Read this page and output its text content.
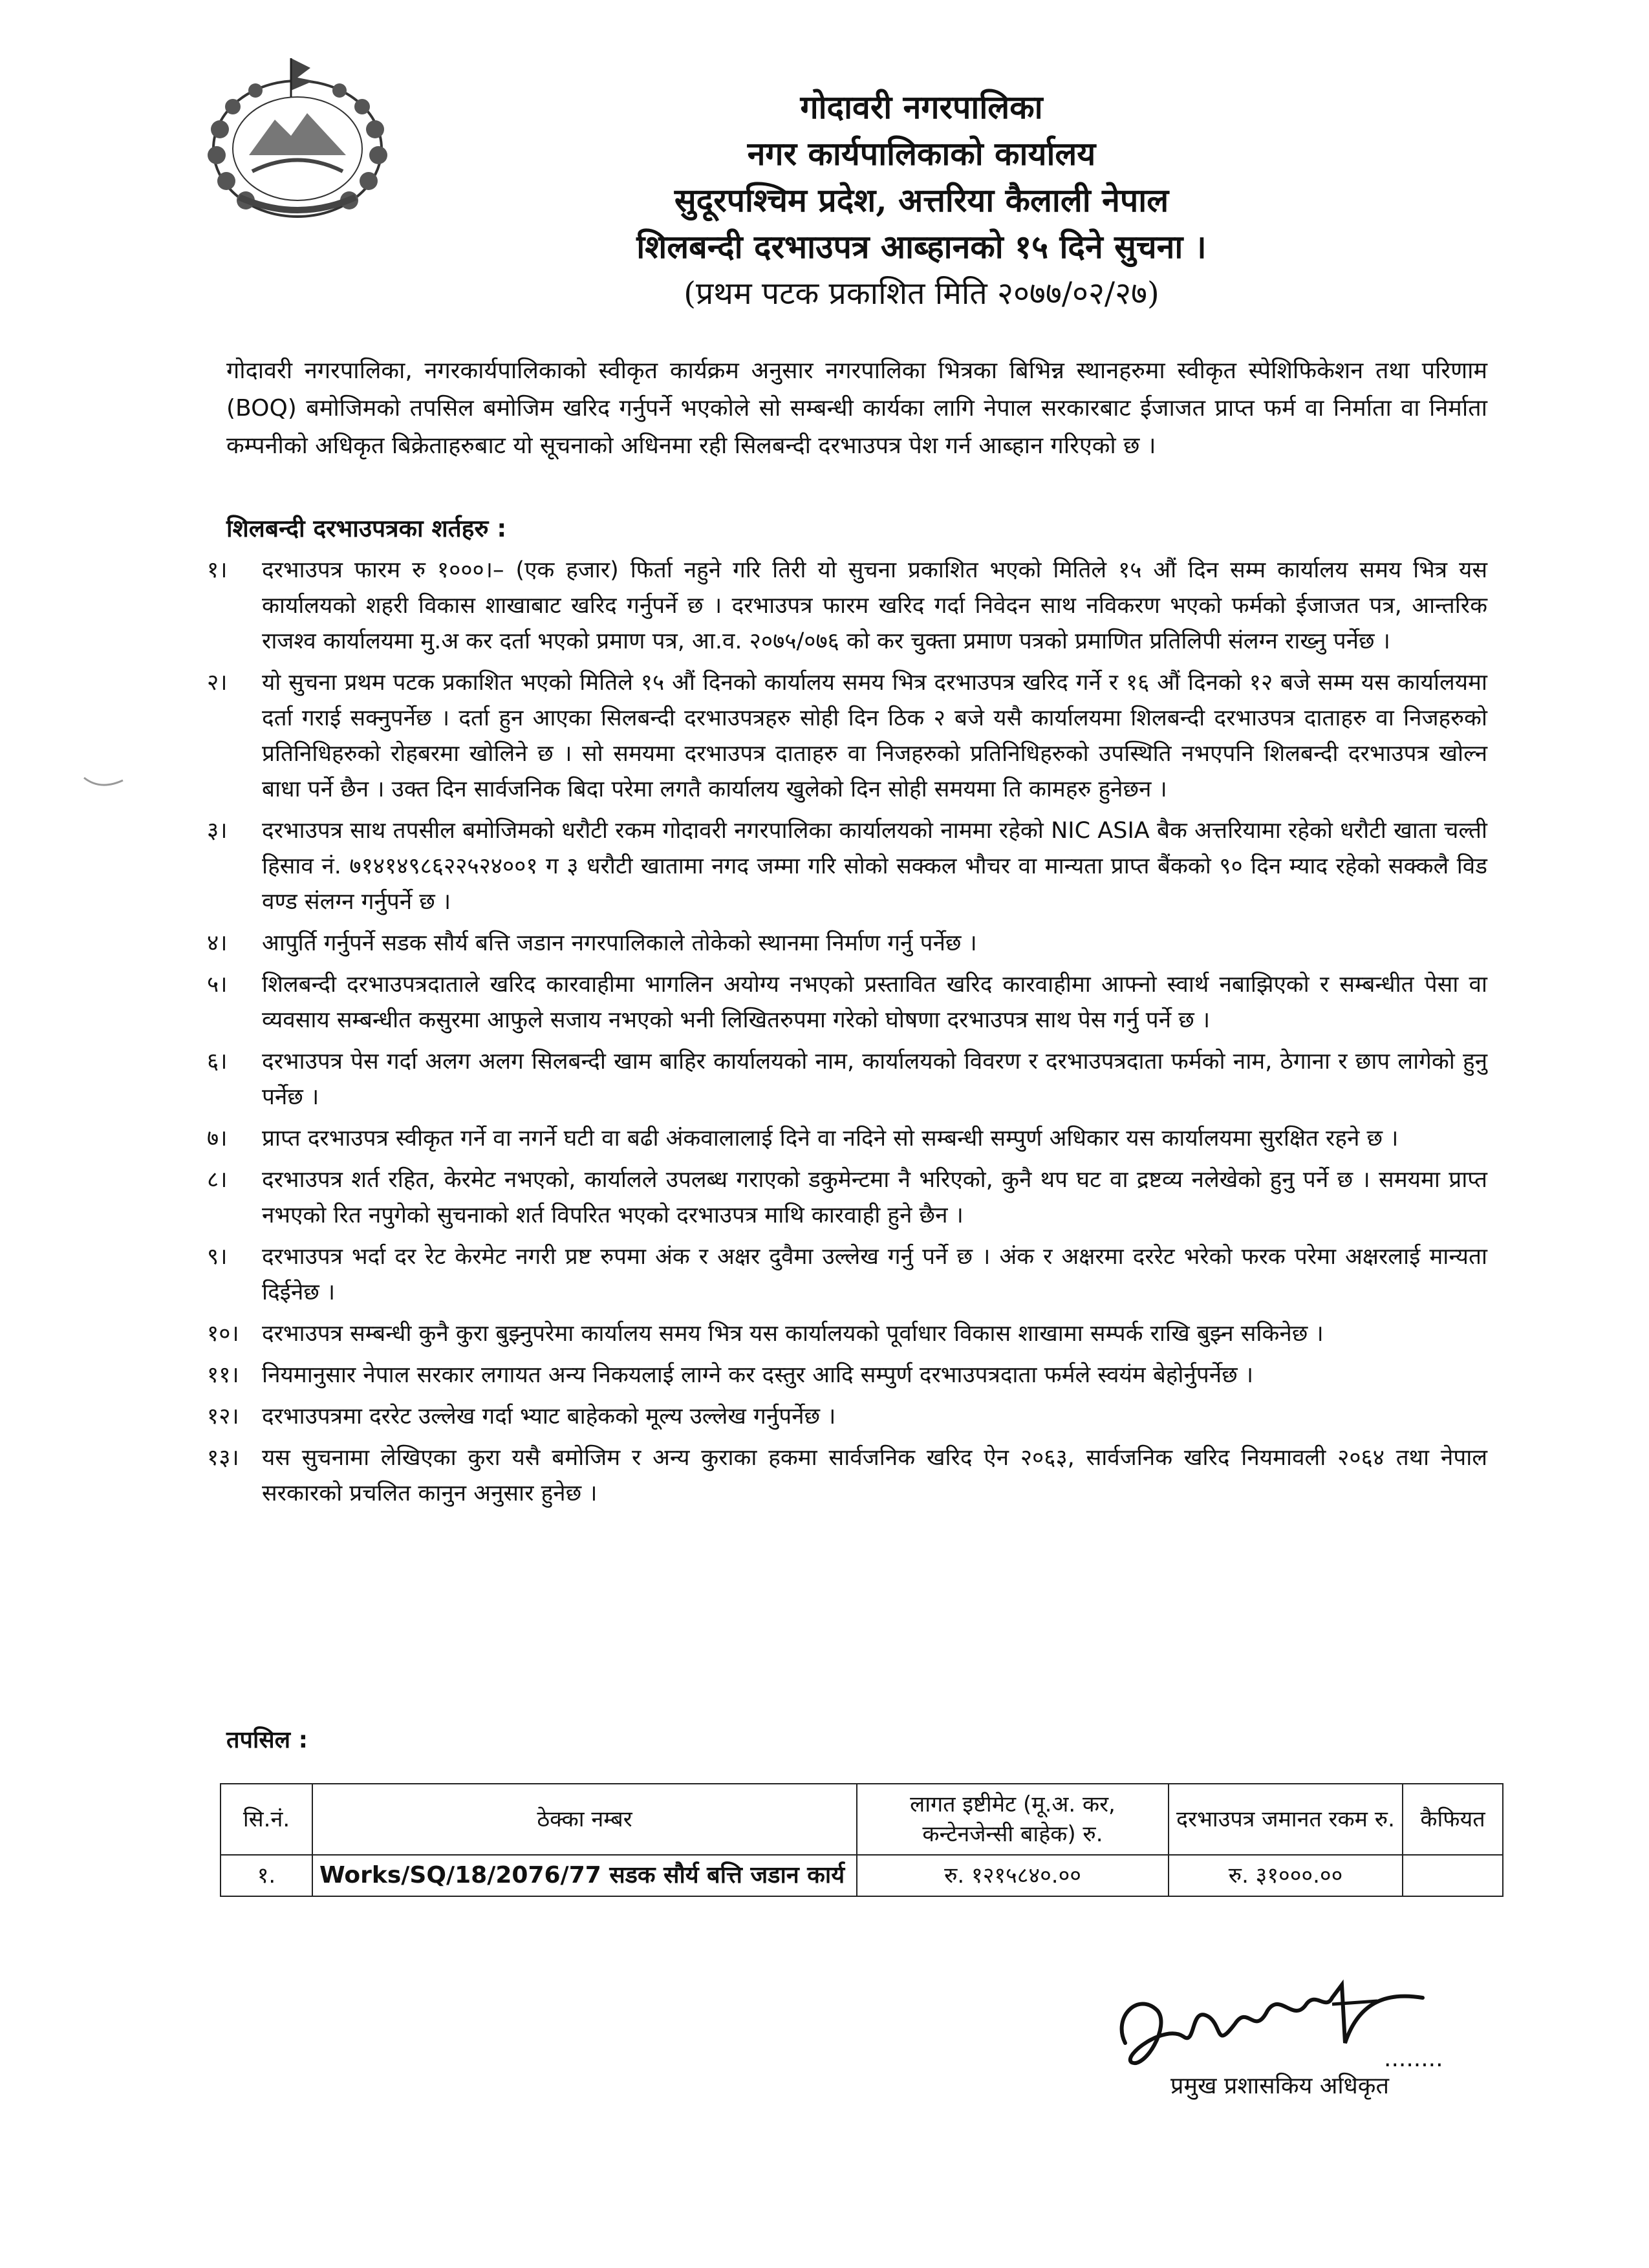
गोदावरी नगरपालिका
नगर कार्यपालिकाको कार्यालय
सुदूरपश्चिम प्रदेश, अत्तरिया कैलाली नेपाल
शिलबन्दी दरभाउपत्र आब्हानको १५ दिने सुचना ।
(प्रथम पटक प्रकाशित मिति २०७७/०२/२७)
गोदावरी नगरपालिका, नगरकार्यपालिकाको स्वीकृत कार्यक्रम अनुसार नगरपालिका भित्रका बिभिन्न स्थानहरुमा स्वीकृत स्पेशिफिकेशन तथा परिणाम (BOQ) बमोजिमको तपसिल बमोजिम खरिद गर्नुपर्ने भएकोले सो सम्बन्धी कार्यका लागि नेपाल सरकारबाट ईजाजत प्राप्त फर्म वा निर्माता वा निर्माता कम्पनीको अधिकृत बिक्रेताहरुबाट यो सूचनाको अधिनमा रही सिलबन्दी दरभाउपत्र पेश गर्न आब्हान गरिएको छ ।
शिलबन्दी दरभाउपत्रका शर्तहरु :
१।	दरभाउपत्र फारम रु १०००।– (एक हजार) फिर्ता नहुने गरि तिरी यो सुचना प्रकाशित भएको मितिले १५ औं दिन सम्म कार्यालय समय भित्र यस कार्यालयको शहरी विकास शाखाबाट खरिद गर्नुपर्ने छ । दरभाउपत्र फारम खरिद गर्दा निवेदन साथ नविकरण भएको फर्मको ईजाजत पत्र, आन्तरिक राजश्व कार्यालयमा मु.अ कर दर्ता भएको प्रमाण पत्र, आ.व. २०७५/०७६ को कर चुक्ता प्रमाण पत्रको प्रमाणित प्रतिलिपी संलग्न राख्नु पर्नेछ ।
२।	यो सुचना प्रथम पटक प्रकाशित भएको मितिले १५ औं दिनको कार्यालय समय भित्र दरभाउपत्र खरिद गर्ने र १६ औं दिनको १२ बजे सम्म यस कार्यालयमा दर्ता गराई सक्नुपर्नेछ । दर्ता हुन आएका सिलबन्दी दरभाउपत्रहरु सोही दिन ठिक २ बजे यसै कार्यालयमा शिलबन्दी दरभाउपत्र दाताहरु वा निजहरुको प्रतिनिधिहरुको रोहबरमा खोलिने छ । सो समयमा दरभाउपत्र दाताहरु वा निजहरुको प्रतिनिधिहरुको उपस्थिति नभएपनि शिलबन्दी दरभाउपत्र खोल्न बाधा पर्ने छैन । उक्त दिन सार्वजनिक बिदा परेमा लगतै कार्यालय खुलेको दिन सोही समयमा ति कामहरु हुनेछन ।
३।	दरभाउपत्र साथ तपसील बमोजिमको धरौटी रकम गोदावरी नगरपालिका कार्यालयको नाममा रहेको NIC ASIA बैक अत्तरियामा रहेको धरौटी खाता चल्ती हिसाव नं. ७१४१४९८६२२५२४००१ ग ३ धरौटी खातामा नगद जम्मा गरि सोको सक्कल भौचर वा मान्यता प्राप्त बैंकको ९० दिन म्याद रहेको सक्कलै विड वण्ड संलग्न गर्नुपर्ने छ ।
४।	आपुर्ति गर्नुपर्ने सडक सौर्य बत्ति जडान नगरपालिकाले तोकेको स्थानमा निर्माण गर्नु पर्नेछ ।
५।	शिलबन्दी दरभाउपत्रदाताले खरिद कारवाहीमा भागलिन अयोग्य नभएको प्रस्तावित खरिद कारवाहीमा आफ्नो स्वार्थ नबाझिएको र सम्बन्धीत पेसा वा व्यवसाय सम्बन्धीत कसुरमा आफुले सजाय नभएको भनी लिखितरुपमा गरेको घोषणा दरभाउपत्र साथ पेस गर्नु पर्ने छ ।
६।	दरभाउपत्र पेस गर्दा अलग अलग सिलबन्दी खाम बाहिर कार्यालयको नाम, कार्यालयको विवरण र दरभाउपत्रदाता फर्मको नाम, ठेगाना र छाप लागेको हुनु पर्नेछ ।
७।	प्राप्त दरभाउपत्र स्वीकृत गर्ने वा नगर्ने घटी वा बढी अंकवालालाई दिने वा नदिने सो सम्बन्धी सम्पुर्ण अधिकार यस कार्यालयमा सुरक्षित रहने छ ।
८।	दरभाउपत्र शर्त रहित, केरमेट नभएको, कार्यालले उपलब्ध गराएको डकुमेन्टमा नै भरिएको, कुनै थप घट वा द्रष्टव्य नलेखेको हुनु पर्ने छ । समयमा प्राप्त नभएको रित नपुगेको सुचनाको शर्त विपरित भएको दरभाउपत्र माथि कारवाही हुने छैन ।
९।	दरभाउपत्र भर्दा दर रेट केरमेट नगरी प्रष्ट रुपमा अंक र अक्षर दुवैमा उल्लेख गर्नु पर्ने छ । अंक र अक्षरमा दररेट भरेको फरक परेमा अक्षरलाई मान्यता दिईनेछ ।
१०।	दरभाउपत्र सम्बन्धी कुनै कुरा बुझ्नुपरेमा कार्यालय समय भित्र यस कार्यालयको पूर्वाधार विकास शाखामा सम्पर्क राखि बुझ्न सकिनेछ ।
११।	नियमानुसार नेपाल सरकार लगायत अन्य निकयलाई लाग्ने कर दस्तुर आदि सम्पुर्ण दरभाउपत्रदाता फर्मले स्वयंम बेहोर्नुपर्नेछ ।
१२।	दरभाउपत्रमा दररेट उल्लेख गर्दा भ्याट बाहेकको मूल्य उल्लेख गर्नुपर्नेछ ।
१३।	यस सुचनामा लेखिएका कुरा यसै बमोजिम र अन्य कुराका हकमा सार्वजनिक खरिद ऐन २०६३, सार्वजनिक खरिद नियमावली २०६४ तथा नेपाल सरकारको प्रचलित कानुन अनुसार हुनेछ ।
तपसिल :
सि.नं.	ठेक्का नम्बर	लागत इष्टीमेट (मू.अ. कर, कन्टेनजेन्सी बाहेक) रु.	दरभाउपत्र जमानत रकम रु.	कैफियत
१.	Works/SQ/18/2076/77 सडक सौर्य बत्ति जडान कार्य	रु. १२१५८४०.००	रु. ३१०००.००	
........
प्रमुख प्रशासकिय अधिकृत
